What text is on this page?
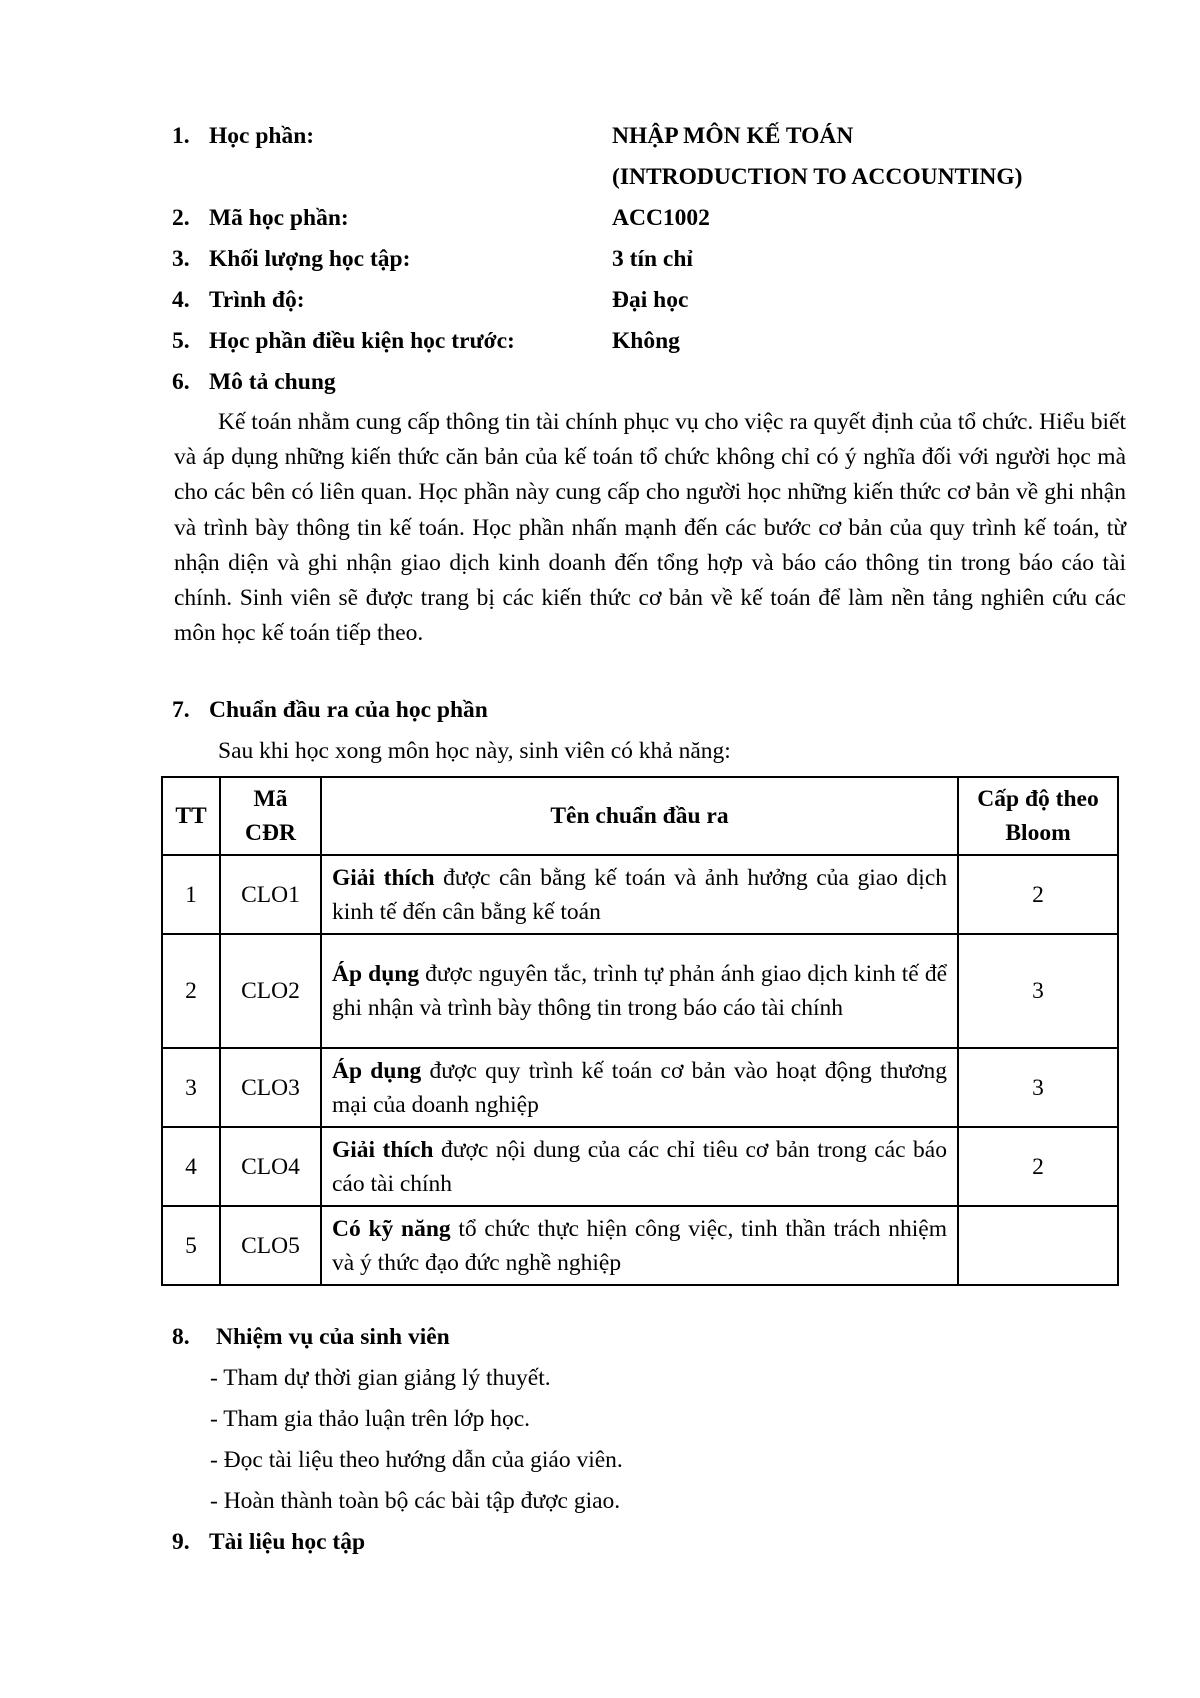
1. Học phần:	NHẬP MÔN KẾ TOÁN
(INTRODUCTION TO ACCOUNTING)
2. Mã học phần:	ACC1002
3. Khối lượng học tập:	3 tín chỉ
4. Trình độ:	Đại học
5. Học phần điều kiện học trước:	Không
6. Mô tả chung
Kế toán nhằm cung cấp thông tin tài chính phục vụ cho việc ra quyết định của tổ chức. Hiểu biết và áp dụng những kiến thức căn bản của kế toán tổ chức không chỉ có ý nghĩa đối với người học mà cho các bên có liên quan. Học phần này cung cấp cho người học những kiến thức cơ bản về ghi nhận và trình bày thông tin kế toán. Học phần nhấn mạnh đến các bước cơ bản của quy trình kế toán, từ nhận diện và ghi nhận giao dịch kinh doanh đến tổng hợp và báo cáo thông tin trong báo cáo tài chính. Sinh viên sẽ được trang bị các kiến thức cơ bản về kế toán để làm nền tảng nghiên cứu các môn học kế toán tiếp theo.
7. Chuẩn đầu ra của học phần
Sau khi học xong môn học này, sinh viên có khả năng:
TT	Mã CĐR	Tên chuẩn đầu ra	Cấp độ theo Bloom
1	CLO1	Giải thích được cân bằng kế toán và ảnh hưởng của giao dịch kinh tế đến cân bằng kế toán	2
2	CLO2	Áp dụng được nguyên tắc, trình tự phản ánh giao dịch kinh tế để ghi nhận và trình bày thông tin trong báo cáo tài chính	3
3	CLO3	Áp dụng được quy trình kế toán cơ bản vào hoạt động thương mại của doanh nghiệp	3
4	CLO4	Giải thích được nội dung của các chỉ tiêu cơ bản trong các báo cáo tài chính	2
5	CLO5	Có kỹ năng tổ chức thực hiện công việc, tinh thần trách nhiệm và ý thức đạo đức nghề nghiệp	
8. Nhiệm vụ của sinh viên
- Tham dự thời gian giảng lý thuyết.
- Tham gia thảo luận trên lớp học.
- Đọc tài liệu theo hướng dẫn của giáo viên.
- Hoàn thành toàn bộ các bài tập được giao.
9. Tài liệu học tập
